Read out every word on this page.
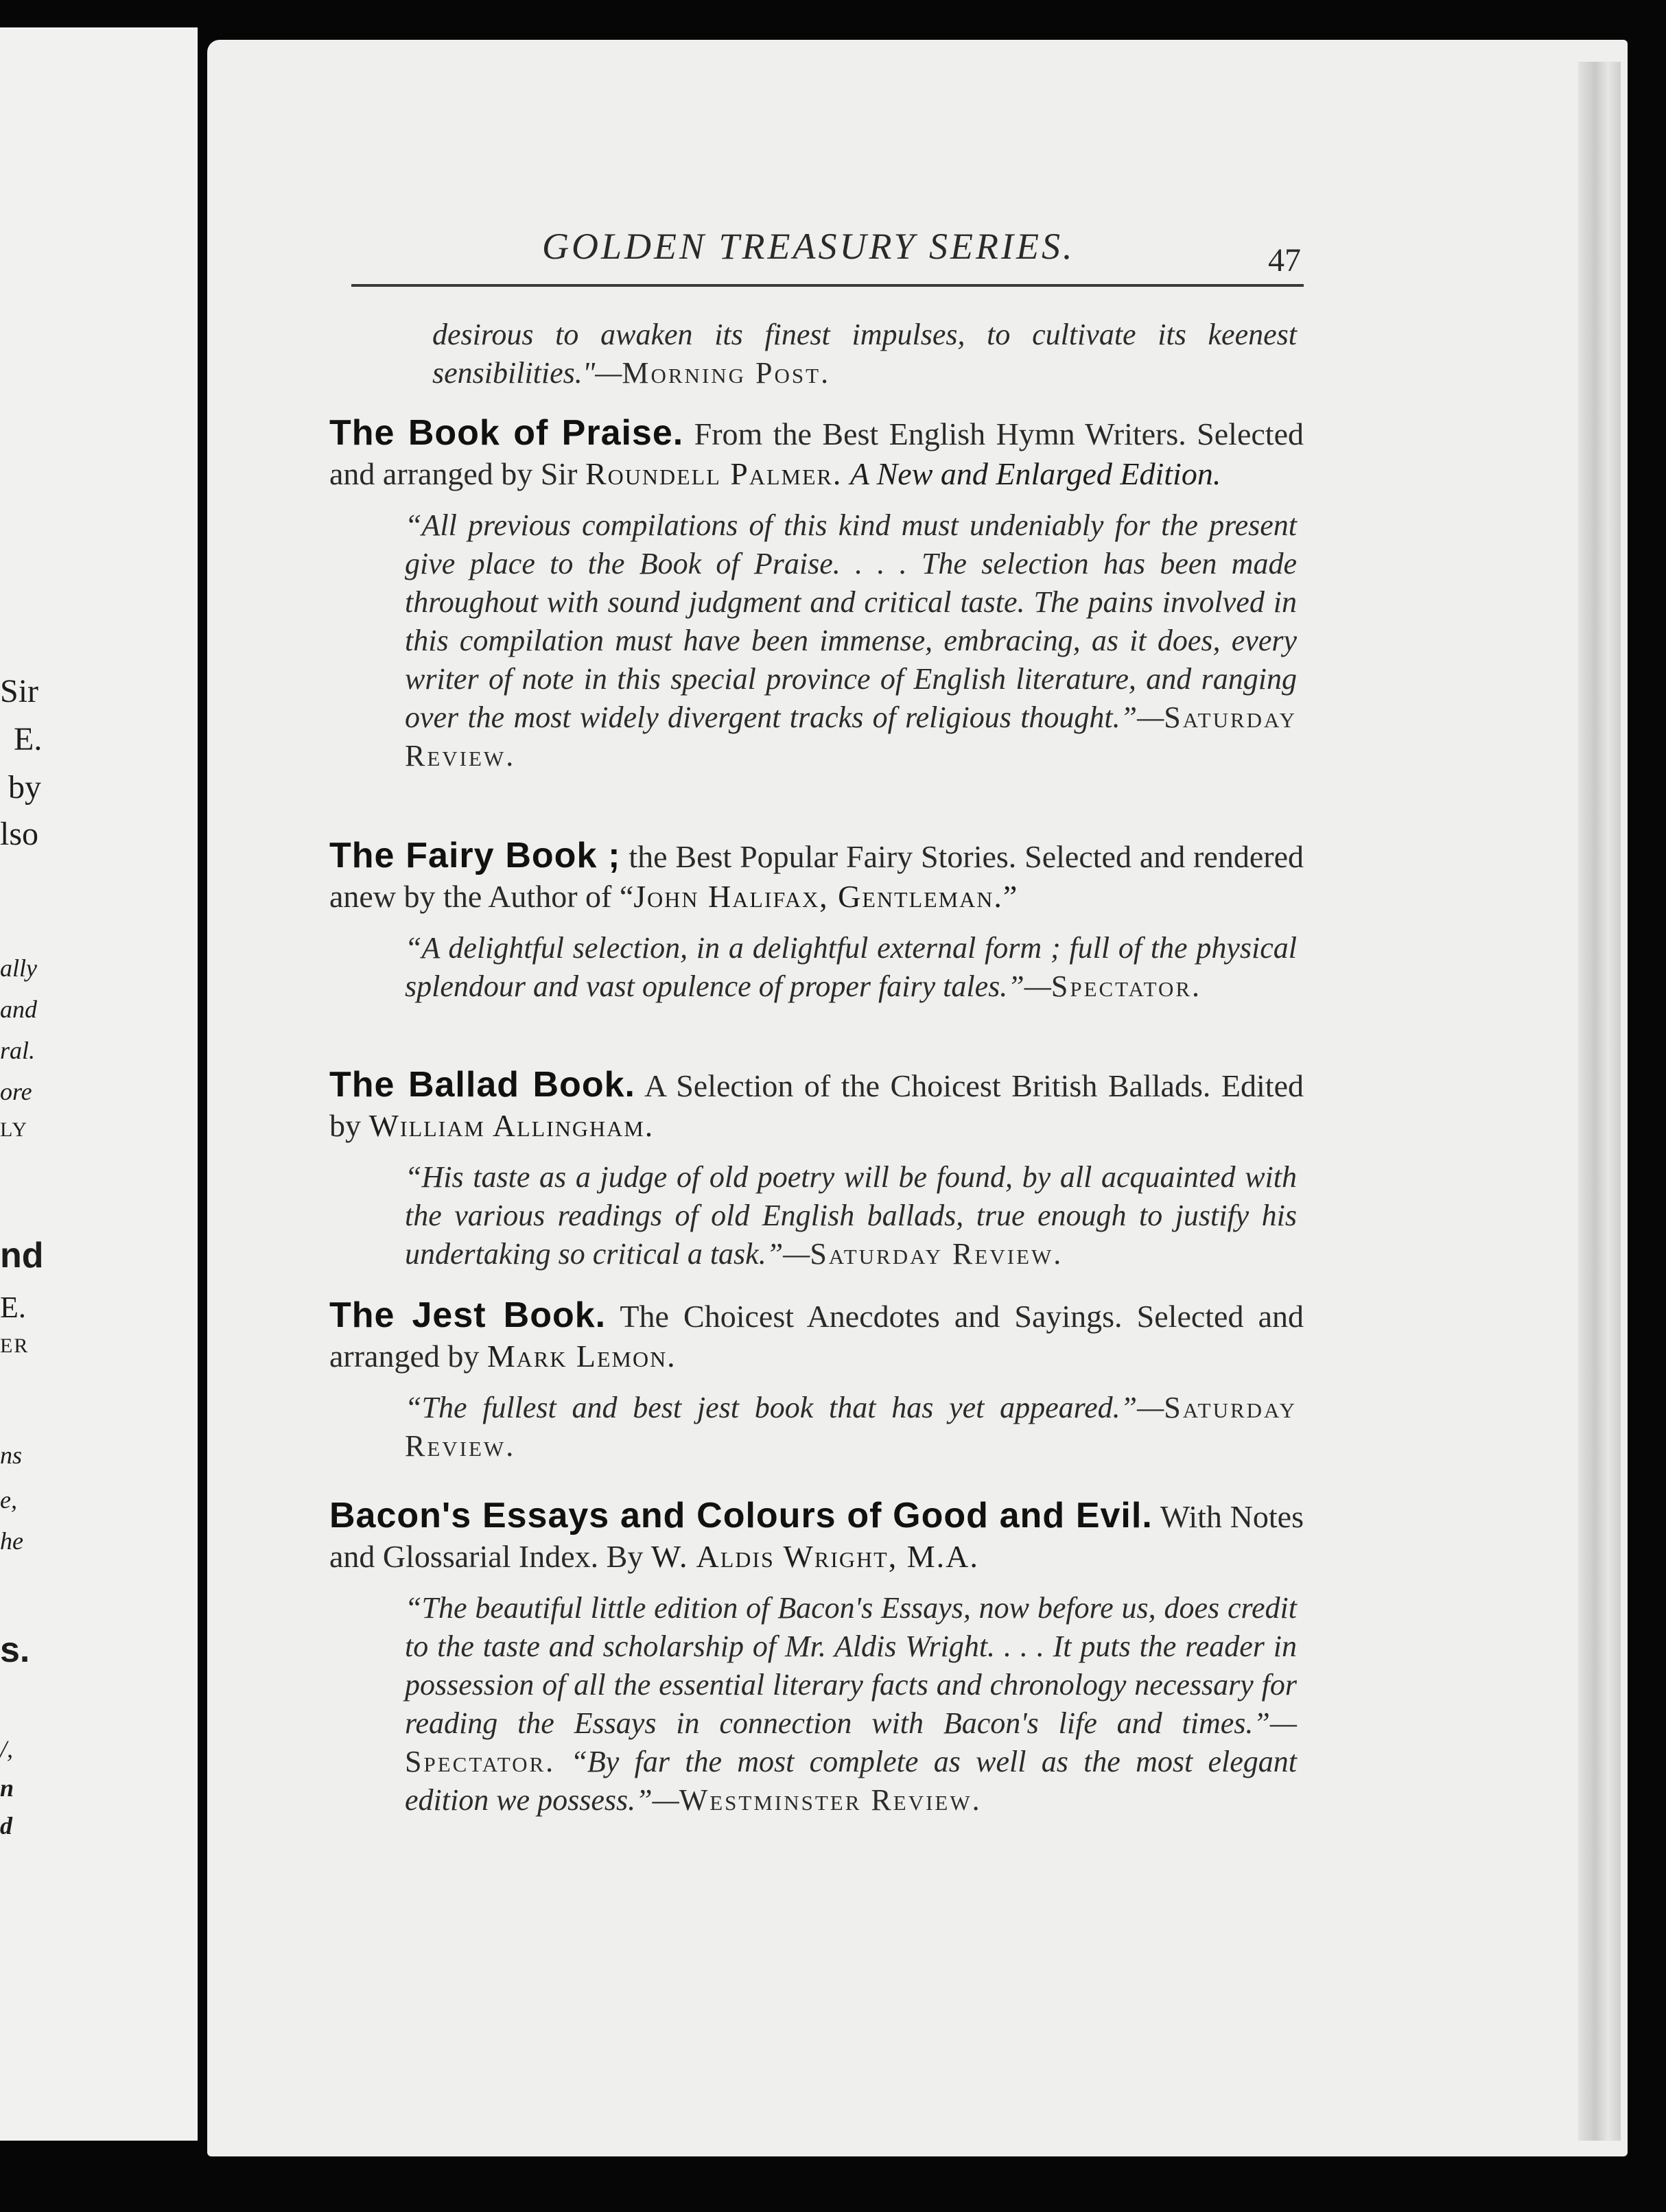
Sir
E.
by
lso
ally
and
ral.
ore
LY
nd
E.
ER
ns
e,
he
s.
/,
n
d
GOLDEN TREASURY SERIES.	47
desirous to awaken its finest impulses, to cultivate its keenest sensibilities."—Morning Post.
The Book of Praise. From the Best English Hymn Writers. Selected and arranged by Sir Roundell Palmer. A New and Enlarged Edition.
“All previous compilations of this kind must undeniably for the present give place to the Book of Praise. . . . The selection has been made throughout with sound judgment and critical taste. The pains involved in this compilation must have been immense, embracing, as it does, every writer of note in this special province of English literature, and ranging over the most widely divergent tracks of religious thought.”—Saturday Review.
The Fairy Book ; the Best Popular Fairy Stories. Selected and rendered anew by the Author of “John Halifax, Gentleman.”
“A delightful selection, in a delightful external form ; full of the physical splendour and vast opulence of proper fairy tales.”—Spectator.
The Ballad Book. A Selection of the Choicest British Ballads. Edited by William Allingham.
“His taste as a judge of old poetry will be found, by all acquainted with the various readings of old English ballads, true enough to justify his undertaking so critical a task.”—Saturday Review.
The Jest Book. The Choicest Anecdotes and Sayings. Selected and arranged by Mark Lemon.
“The fullest and best jest book that has yet appeared.”—Saturday Review.
Bacon's Essays and Colours of Good and Evil. With Notes and Glossarial Index. By W. Aldis Wright, M.A.
“The beautiful little edition of Bacon's Essays, now before us, does credit to the taste and scholarship of Mr. Aldis Wright. . . . It puts the reader in possession of all the essential literary facts and chronology necessary for reading the Essays in connection with Bacon's life and times.”—Spectator. “By far the most complete as well as the most elegant edition we possess.”—Westminster Review.
